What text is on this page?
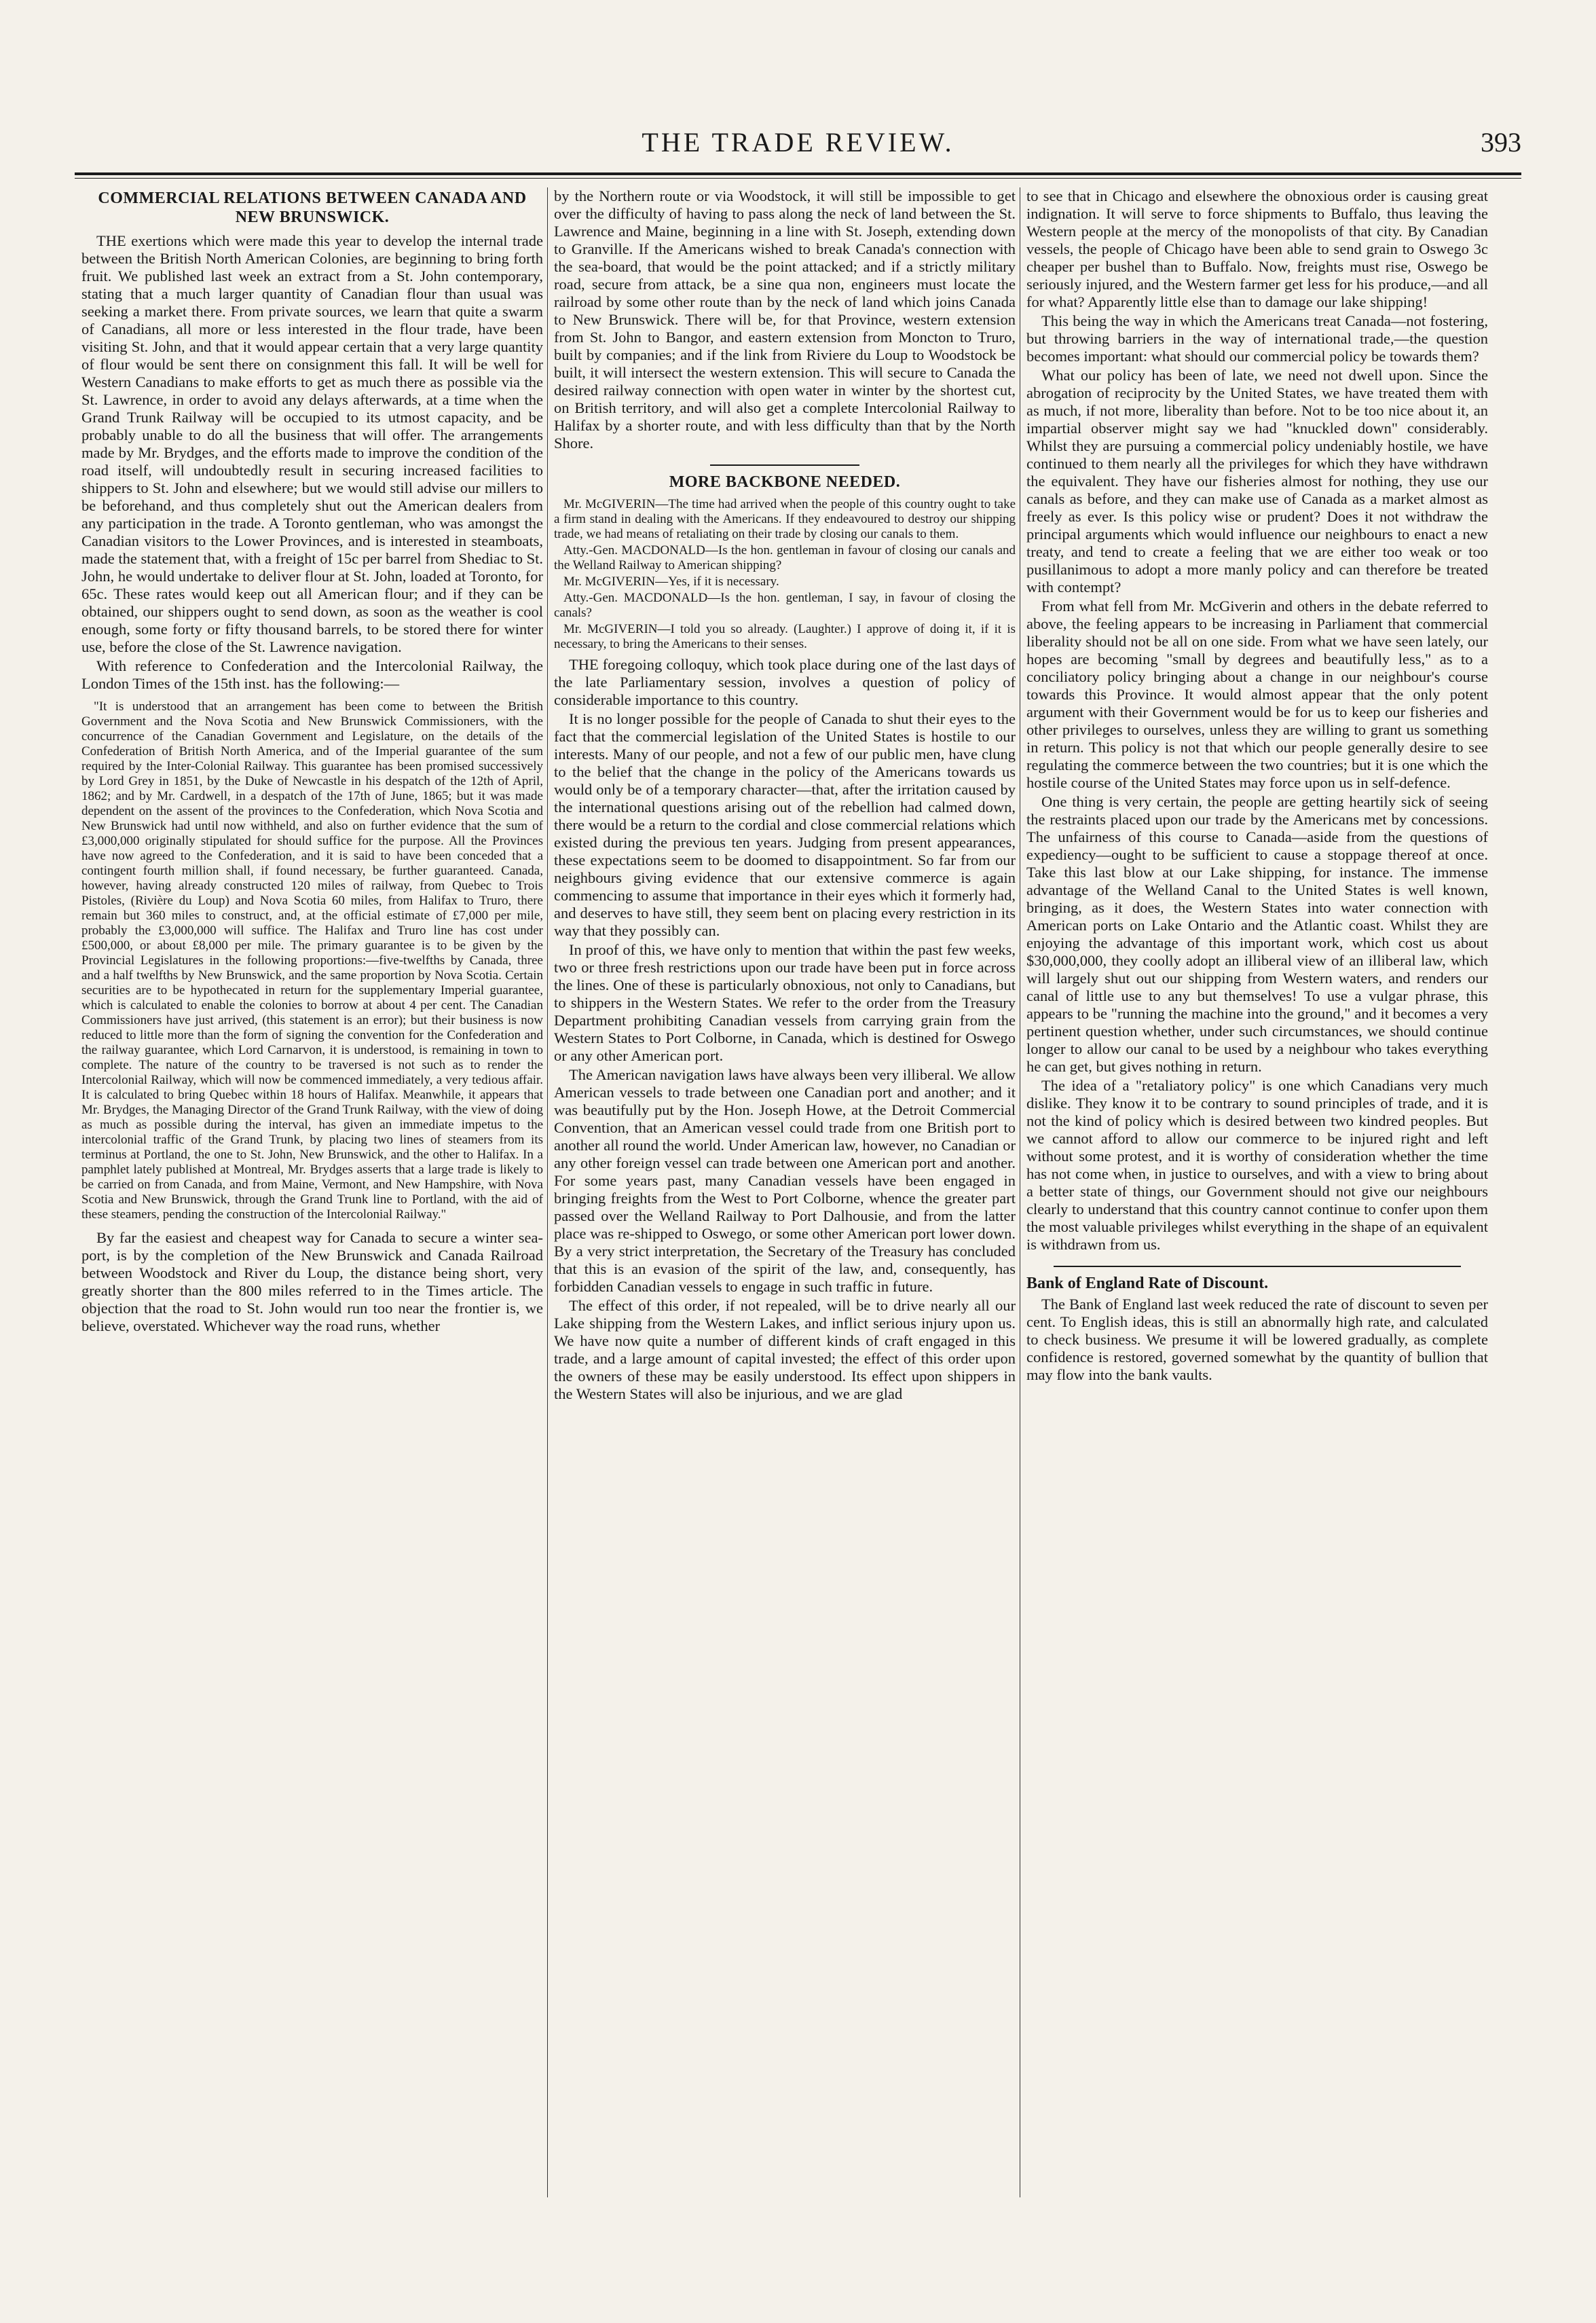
THE TRADE REVIEW.	393
COMMERCIAL RELATIONS BETWEEN CANADA AND NEW BRUNSWICK.

THE exertions which were made this year to develop the internal trade between the British North American Colonies, are beginning to bring forth fruit. We published last week an extract from a St. John contemporary, stating that a much larger quantity of Canadian flour than usual was seeking a market there. From private sources, we learn that quite a swarm of Canadians, all more or less interested in the flour trade, have been visiting St. John, and that it would appear certain that a very large quantity of flour would be sent there on consignment this fall. It will be well for Western Canadians to make efforts to get as much there as possible via the St. Lawrence, in order to avoid any delays afterwards, at a time when the Grand Trunk Railway will be occupied to its utmost capacity, and be probably unable to do all the business that will offer. The arrangements made by Mr. Brydges, and the efforts made to improve the condition of the road itself, will undoubtedly result in securing increased facilities to shippers to St. John and elsewhere; but we would still advise our millers to be beforehand, and thus completely shut out the American dealers from any participation in the trade. A Toronto gentleman, who was amongst the Canadian visitors to the Lower Provinces, and is interested in steamboats, made the statement that, with a freight of 15c per barrel from Shediac to St. John, he would undertake to deliver flour at St. John, loaded at Toronto, for 65c. These rates would keep out all American flour; and if they can be obtained, our shippers ought to send down, as soon as the weather is cool enough, some forty or fifty thousand barrels, to be stored there for winter use, before the close of the St. Lawrence navigation.

With reference to Confederation and the Intercolonial Railway, the London Times of the 15th inst. has the following:—

"It is understood that an arrangement has been come to between the British Government and the Nova Scotia and New Brunswick Commissioners, with the concurrence of the Canadian Government and Legislature, on the details of the Confederation of British North America, and of the Imperial guarantee of the sum required by the Inter-Colonial Railway. This guarantee has been promised successively by Lord Grey in 1851, by the Duke of Newcastle in his despatch of the 12th of April, 1862; and by Mr. Cardwell, in a despatch of the 17th of June, 1865; but it was made dependent on the assent of the provinces to the Confederation, which Nova Scotia and New Brunswick had until now withheld, and also on further evidence that the sum of £3,000,000 originally stipulated for should suffice for the purpose. All the Provinces have now agreed to the Confederation, and it is said to have been conceded that a contingent fourth million shall, if found necessary, be further guaranteed. Canada, however, having already constructed 120 miles of railway, from Quebec to Trois Pistoles, (Rivière du Loup) and Nova Scotia 60 miles, from Halifax to Truro, there remain but 360 miles to construct, and, at the official estimate of £7,000 per mile, probably the £3,000,000 will suffice. The Halifax and Truro line has cost under £500,000, or about £8,000 per mile. The primary guarantee is to be given by the Provincial Legislatures in the following proportions:—five-twelfths by Canada, three and a half twelfths by New Brunswick, and the same proportion by Nova Scotia. Certain securities are to be hypothecated in return for the supplementary Imperial guarantee, which is calculated to enable the colonies to borrow at about 4 per cent. The Canadian Commissioners have just arrived, (this statement is an error); but their business is now reduced to little more than the form of signing the convention for the Confederation and the railway guarantee, which Lord Carnarvon, it is understood, is remaining in town to complete. The nature of the country to be traversed is not such as to render the Intercolonial Railway, which will now be commenced immediately, a very tedious affair. It is calculated to bring Quebec within 18 hours of Halifax. Meanwhile, it appears that Mr. Brydges, the Managing Director of the Grand Trunk Railway, with the view of doing as much as possible during the interval, has given an immediate impetus to the intercolonial traffic of the Grand Trunk, by placing two lines of steamers from its terminus at Portland, the one to St. John, New Brunswick, and the other to Halifax. In a pamphlet lately published at Montreal, Mr. Brydges asserts that a large trade is likely to be carried on from Canada, and from Maine, Vermont, and New Hampshire, with Nova Scotia and New Brunswick, through the Grand Trunk line to Portland, with the aid of these steamers, pending the construction of the Intercolonial Railway."

By far the easiest and cheapest way for Canada to secure a winter sea-port, is by the completion of the New Brunswick and Canada Railroad between Woodstock and River du Loup, the distance being short, very greatly shorter than the 800 miles referred to in the Times article. The objection that the road to St. John would run too near the frontier is, we believe, overstated. Whichever way the road runs, whether

by the Northern route or via Woodstock, it will still be impossible to get over the difficulty of having to pass along the neck of land between the St. Lawrence and Maine, beginning in a line with St. Joseph, extending down to Granville. If the Americans wished to break Canada's connection with the sea-board, that would be the point attacked; and if a strictly military road, secure from attack, be a sine qua non, engineers must locate the railroad by some other route than by the neck of land which joins Canada to New Brunswick. There will be, for that Province, western extension from St. John to Bangor, and eastern extension from Moncton to Truro, built by companies; and if the link from Riviere du Loup to Woodstock be built, it will intersect the western extension. This will secure to Canada the desired railway connection with open water in winter by the shortest cut, on British territory, and will also get a complete Intercolonial Railway to Halifax by a shorter route, and with less difficulty than that by the North Shore.

MORE BACKBONE NEEDED.

Mr. McGIVERIN—The time had arrived when the people of this country ought to take a firm stand in dealing with the Americans. If they endeavoured to destroy our shipping trade, we had means of retaliating on their trade by closing our canals to them.

Atty.-Gen. MACDONALD—Is the hon. gentleman in favour of closing our canals and the Welland Railway to American shipping?

Mr. McGIVERIN—Yes, if it is necessary.

Atty.-Gen. MACDONALD—Is the hon. gentleman, I say, in favour of closing the canals?

Mr. McGIVERIN—I told you so already. (Laughter.) I approve of doing it, if it is necessary, to bring the Americans to their senses.

THE foregoing colloquy, which took place during one of the last days of the late Parliamentary session, involves a question of policy of considerable importance to this country.

It is no longer possible for the people of Canada to shut their eyes to the fact that the commercial legislation of the United States is hostile to our interests. Many of our people, and not a few of our public men, have clung to the belief that the change in the policy of the Americans towards us would only be of a temporary character—that, after the irritation caused by the international questions arising out of the rebellion had calmed down, there would be a return to the cordial and close commercial relations which existed during the previous ten years. Judging from present appearances, these expectations seem to be doomed to disappointment. So far from our neighbours giving evidence that our extensive commerce is again commencing to assume that importance in their eyes which it formerly had, and deserves to have still, they seem bent on placing every restriction in its way that they possibly can.

In proof of this, we have only to mention that within the past few weeks, two or three fresh restrictions upon our trade have been put in force across the lines. One of these is particularly obnoxious, not only to Canadians, but to shippers in the Western States. We refer to the order from the Treasury Department prohibiting Canadian vessels from carrying grain from the Western States to Port Colborne, in Canada, which is destined for Oswego or any other American port.

The American navigation laws have always been very illiberal. We allow American vessels to trade between one Canadian port and another; and it was beautifully put by the Hon. Joseph Howe, at the Detroit Commercial Convention, that an American vessel could trade from one British port to another all round the world. Under American law, however, no Canadian or any other foreign vessel can trade between one American port and another. For some years past, many Canadian vessels have been engaged in bringing freights from the West to Port Colborne, whence the greater part passed over the Welland Railway to Port Dalhousie, and from the latter place was re-shipped to Oswego, or some other American port lower down. By a very strict interpretation, the Secretary of the Treasury has concluded that this is an evasion of the spirit of the law, and, consequently, has forbidden Canadian vessels to engage in such traffic in future.

The effect of this order, if not repealed, will be to drive nearly all our Lake shipping from the Western Lakes, and inflict serious injury upon us. We have now quite a number of different kinds of craft engaged in this trade, and a large amount of capital invested; the effect of this order upon the owners of these may be easily understood. Its effect upon shippers in the Western States will also be injurious, and we are glad

to see that in Chicago and elsewhere the obnoxious order is causing great indignation. It will serve to force shipments to Buffalo, thus leaving the Western people at the mercy of the monopolists of that city. By Canadian vessels, the people of Chicago have been able to send grain to Oswego 3c cheaper per bushel than to Buffalo. Now, freights must rise, Oswego be seriously injured, and the Western farmer get less for his produce,—and all for what? Apparently little else than to damage our lake shipping!

This being the way in which the Americans treat Canada—not fostering, but throwing barriers in the way of international trade,—the question becomes important: what should our commercial policy be towards them?

What our policy has been of late, we need not dwell upon. Since the abrogation of reciprocity by the United States, we have treated them with as much, if not more, liberality than before. Not to be too nice about it, an impartial observer might say we had "knuckled down" considerably. Whilst they are pursuing a commercial policy undeniably hostile, we have continued to them nearly all the privileges for which they have withdrawn the equivalent. They have our fisheries almost for nothing, they use our canals as before, and they can make use of Canada as a market almost as freely as ever. Is this policy wise or prudent? Does it not withdraw the principal arguments which would influence our neighbours to enact a new treaty, and tend to create a feeling that we are either too weak or too pusillanimous to adopt a more manly policy and can therefore be treated with contempt?

From what fell from Mr. McGiverin and others in the debate referred to above, the feeling appears to be increasing in Parliament that commercial liberality should not be all on one side. From what we have seen lately, our hopes are becoming "small by degrees and beautifully less," as to a conciliatory policy bringing about a change in our neighbour's course towards this Province. It would almost appear that the only potent argument with their Government would be for us to keep our fisheries and other privileges to ourselves, unless they are willing to grant us something in return. This policy is not that which our people generally desire to see regulating the commerce between the two countries; but it is one which the hostile course of the United States may force upon us in self-defence.

One thing is very certain, the people are getting heartily sick of seeing the restraints placed upon our trade by the Americans met by concessions. The unfairness of this course to Canada—aside from the questions of expediency—ought to be sufficient to cause a stoppage thereof at once. Take this last blow at our Lake shipping, for instance. The immense advantage of the Welland Canal to the United States is well known, bringing, as it does, the Western States into water connection with American ports on Lake Ontario and the Atlantic coast. Whilst they are enjoying the advantage of this important work, which cost us about $30,000,000, they coolly adopt an illiberal view of an illiberal law, which will largely shut out our shipping from Western waters, and renders our canal of little use to any but themselves! To use a vulgar phrase, this appears to be "running the machine into the ground," and it becomes a very pertinent question whether, under such circumstances, we should continue longer to allow our canal to be used by a neighbour who takes everything he can get, but gives nothing in return.

The idea of a "retaliatory policy" is one which Canadians very much dislike. They know it to be contrary to sound principles of trade, and it is not the kind of policy which is desired between two kindred peoples. But we cannot afford to allow our commerce to be injured right and left without some protest, and it is worthy of consideration whether the time has not come when, in justice to ourselves, and with a view to bring about a better state of things, our Government should not give our neighbours clearly to understand that this country cannot continue to confer upon them the most valuable privileges whilst everything in the shape of an equivalent is withdrawn from us.

Bank of England Rate of Discount.

The Bank of England last week reduced the rate of discount to seven per cent. To English ideas, this is still an abnormally high rate, and calculated to check business. We presume it will be lowered gradually, as complete confidence is restored, governed somewhat by the quantity of bullion that may flow into the bank vaults.
